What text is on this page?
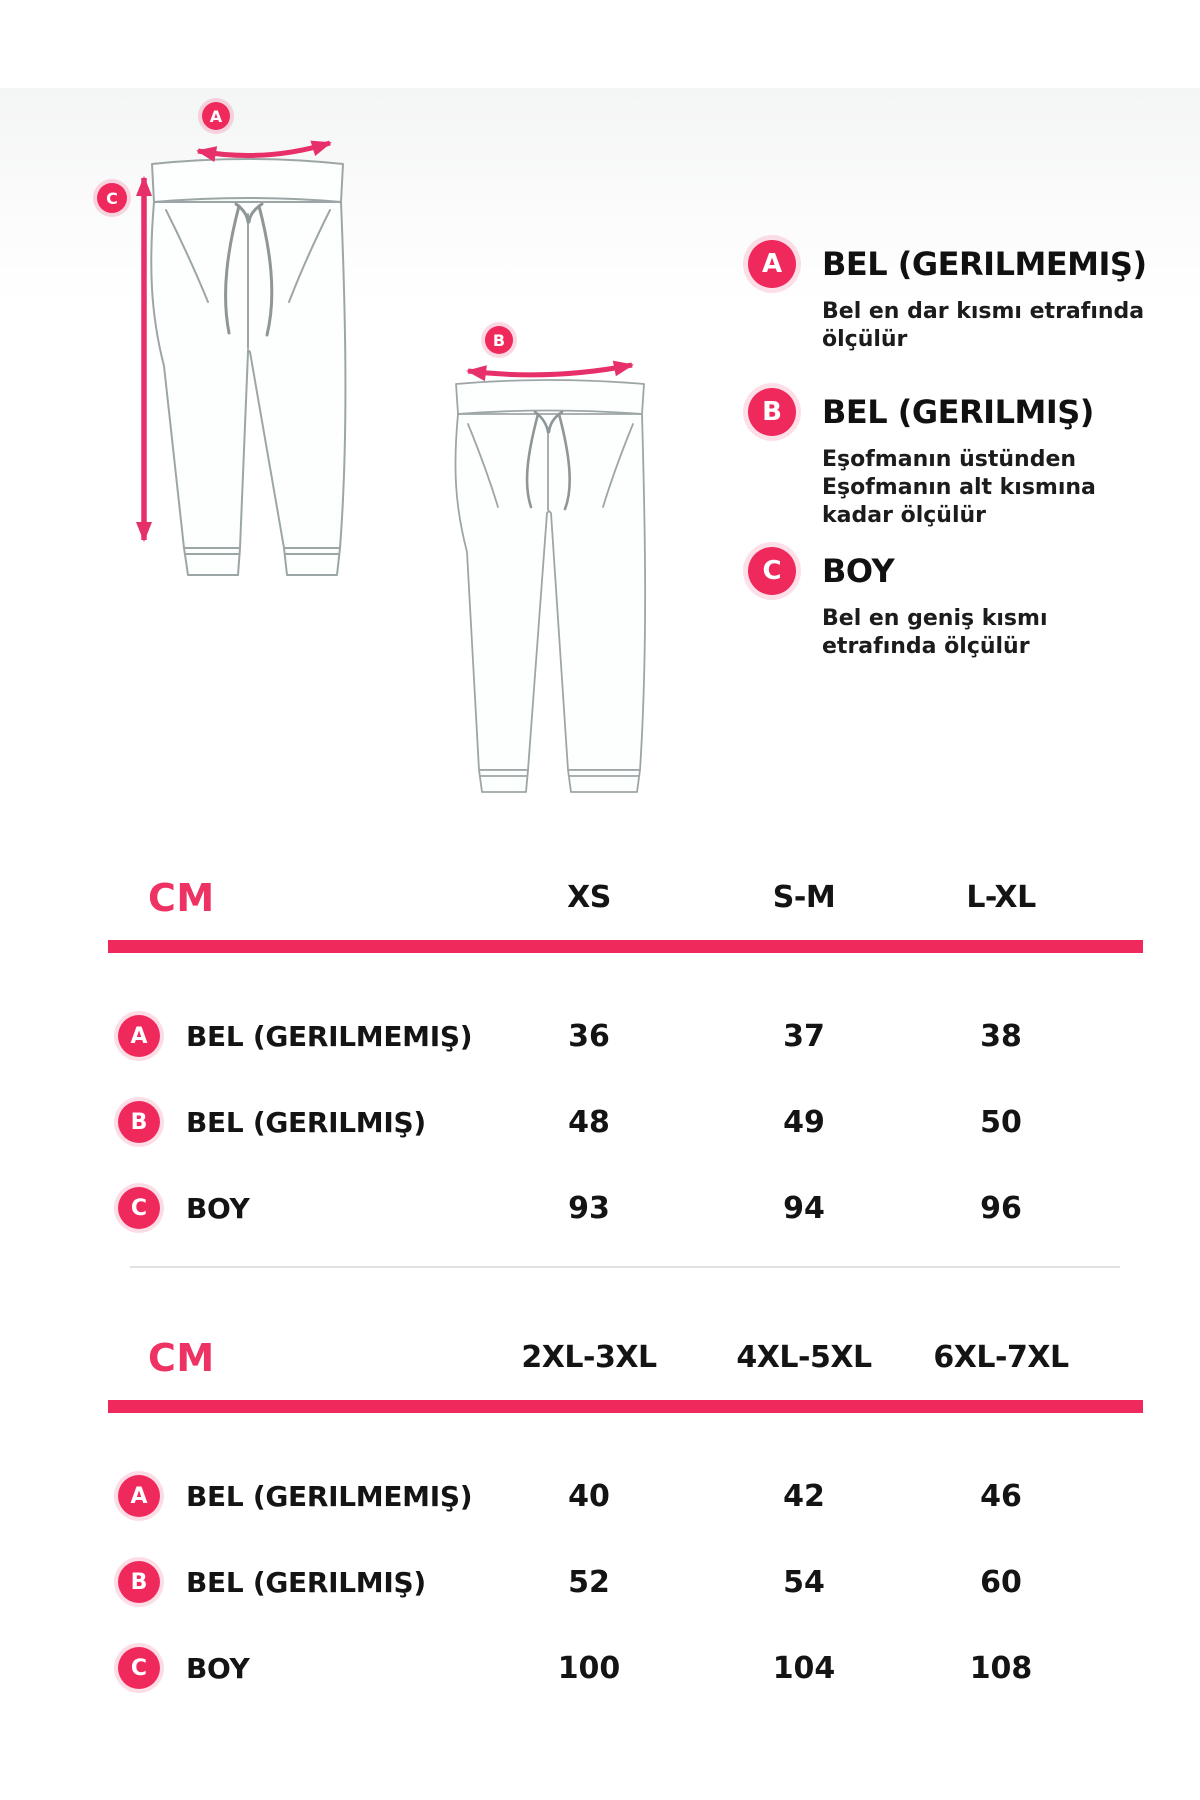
A
C
B
A	BEL (GERILMEMIŞ)
Bel en dar kısmı etrafında ölçülür
B	BEL (GERILMIŞ)
Eşofmanın üstünden Eşofmanın alt kısmına kadar ölçülür
C	BOY
Bel en geniş kısmı etrafında ölçülür
CM	XS	S-M	L-XL
A	BEL (GERILMEMIŞ)	36	37	38
B	BEL (GERILMIŞ)	48	49	50
C	BOY	93	94	96
CM	2XL-3XL	4XL-5XL	6XL-7XL
A	BEL (GERILMEMIŞ)	40	42	46
B	BEL (GERILMIŞ)	52	54	60
C	BOY	100	104	108
